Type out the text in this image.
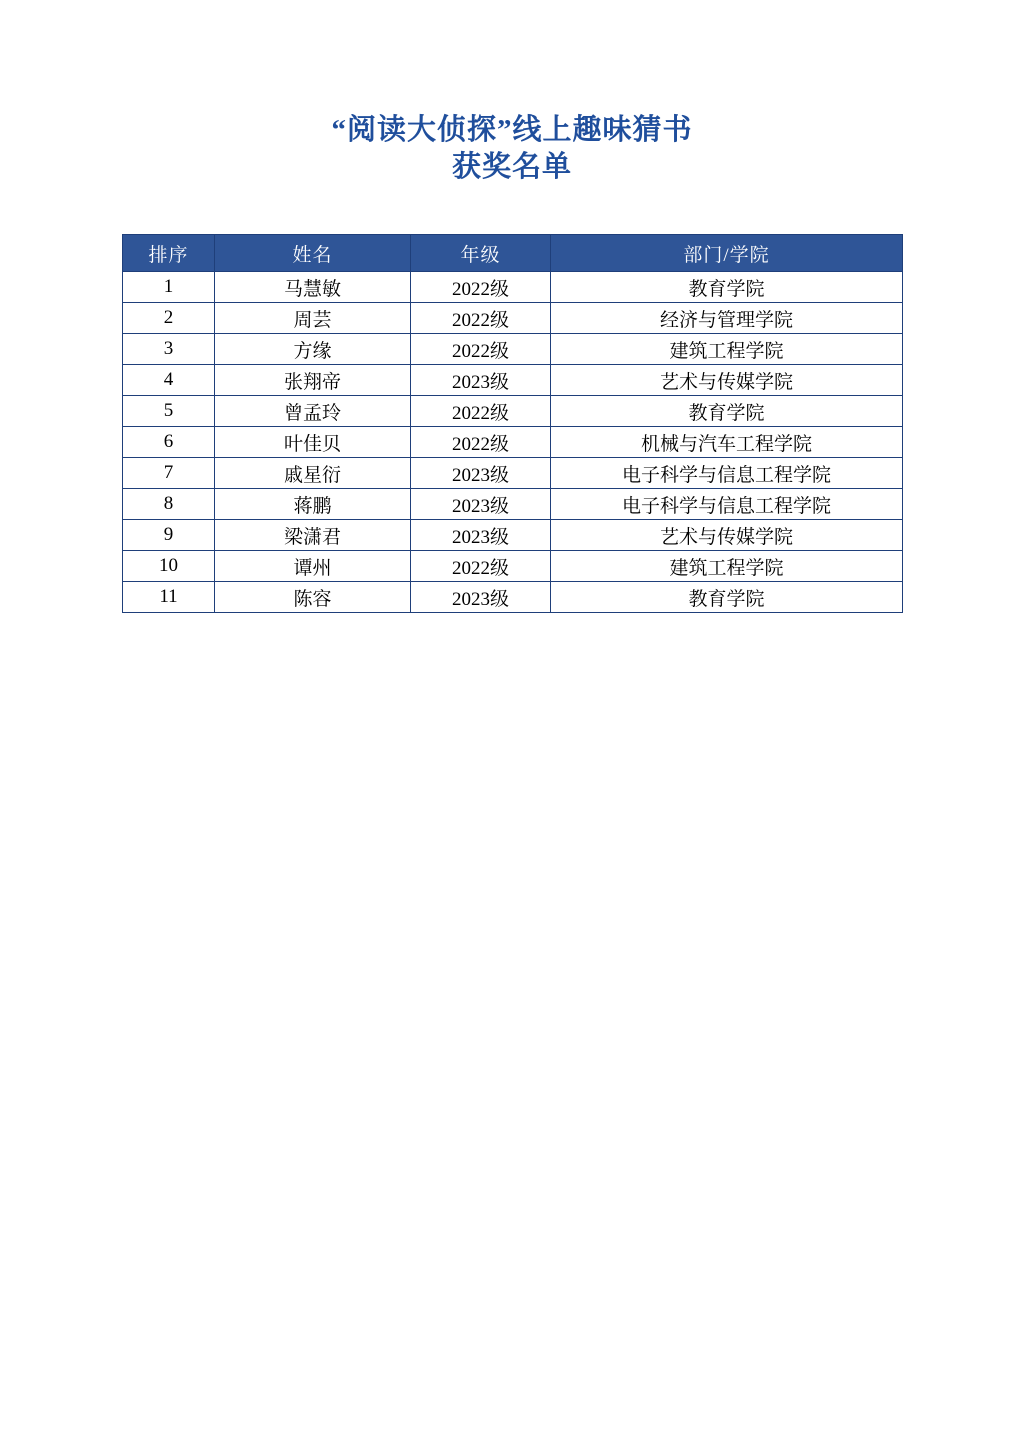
“阅读大侦探”线上趣味猜书
获奖名单
排序	姓名	年级	部门/学院
1	马慧敏	2022级	教育学院
2	周芸	2022级	经济与管理学院
3	方缘	2022级	建筑工程学院
4	张翔帝	2023级	艺术与传媒学院
5	曾孟玲	2022级	教育学院
6	叶佳贝	2022级	机械与汽车工程学院
7	戚星衍	2023级	电子科学与信息工程学院
8	蒋鹏	2023级	电子科学与信息工程学院
9	梁潇君	2023级	艺术与传媒学院
10	谭州	2022级	建筑工程学院
11	陈容	2023级	教育学院
